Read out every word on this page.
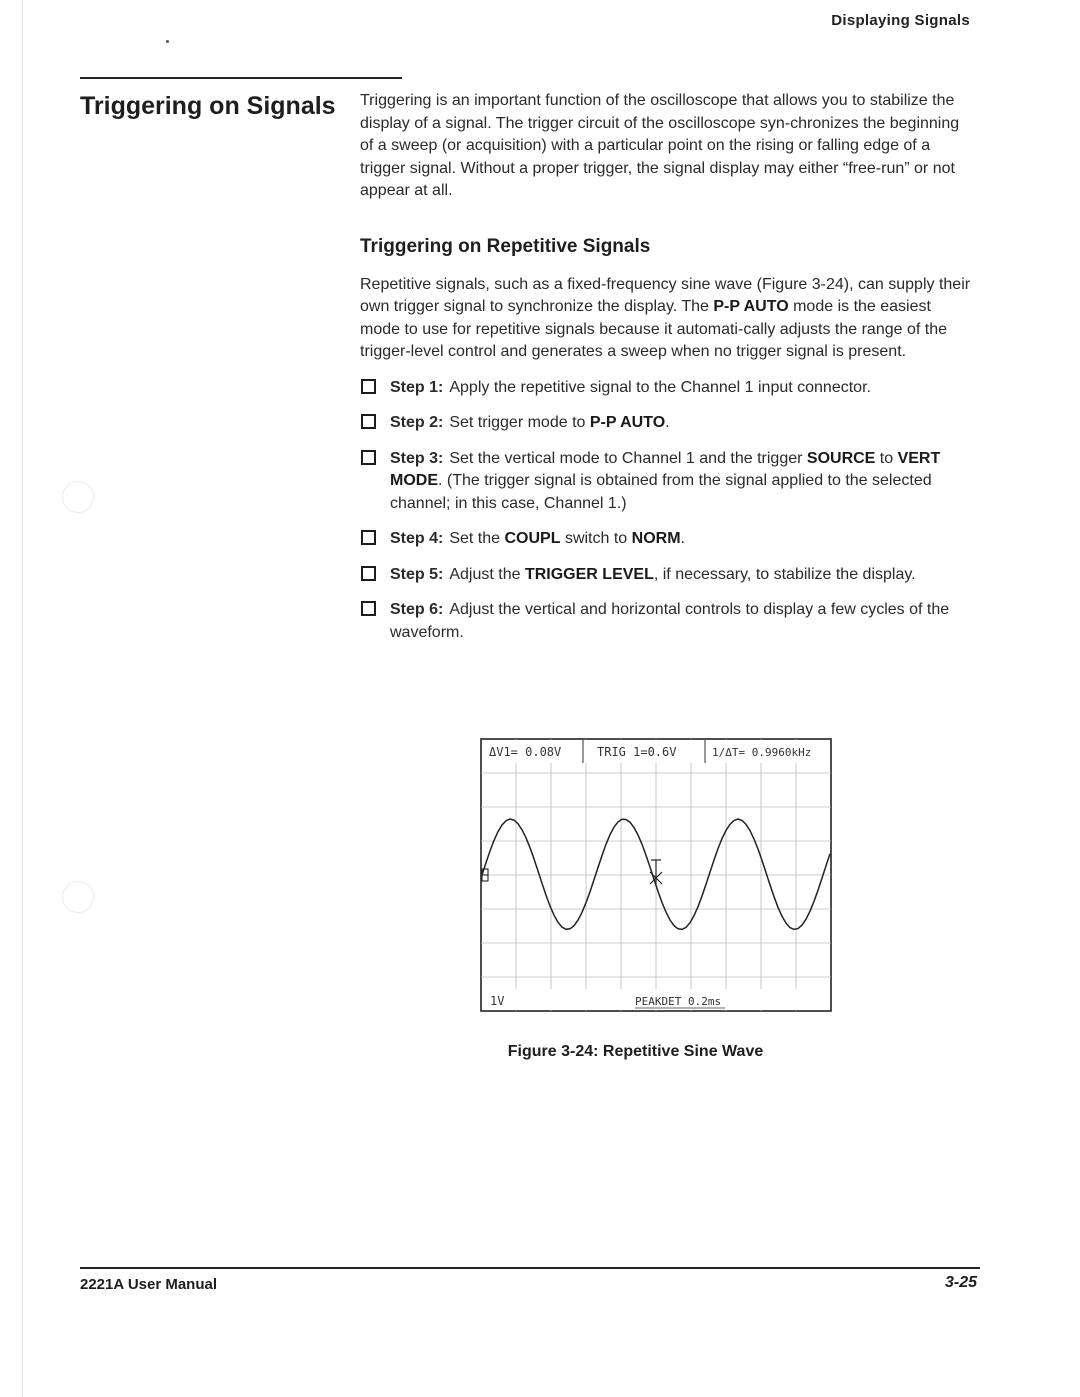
Displaying Signals
Triggering on Signals Triggering is an important function of the oscilloscope that allows you to stabilize the display of a signal. The trigger circuit of the oscilloscope syn-chronizes the beginning of a sweep (or acquisition) with a particular point on the rising or falling edge of a trigger signal. Without a proper trigger, the signal display may either “free-run” or not appear at all.

Triggering on Repetitive Signals

Repetitive signals, such as a fixed-frequency sine wave (Figure 3-24), can supply their own trigger signal to synchronize the display. The P-P AUTO mode is the easiest mode to use for repetitive signals because it automati-cally adjusts the range of the trigger-level control and generates a sweep when no trigger signal is present.

Step 1: Apply the repetitive signal to the Channel 1 input connector.
Step 2: Set trigger mode to P-P AUTO.
Step 3: Set the vertical mode to Channel 1 and the trigger SOURCE to VERT MODE. (The trigger signal is obtained from the signal applied to the selected channel; in this case, Channel 1.)
Step 4: Set the COUPL switch to NORM.
Step 5: Adjust the TRIGGER LEVEL, if necessary, to stabilize the display.
Step 6: Adjust the vertical and horizontal controls to display a few cycles of the waveform.
ΔV1= 0.08V	TRIG 1=0.6V	1/ΔT= 0.9960kHz
1V	PEAKDET 0.2ms

Figure 3-24: Repetitive Sine Wave

2221A User Manual	3-25
